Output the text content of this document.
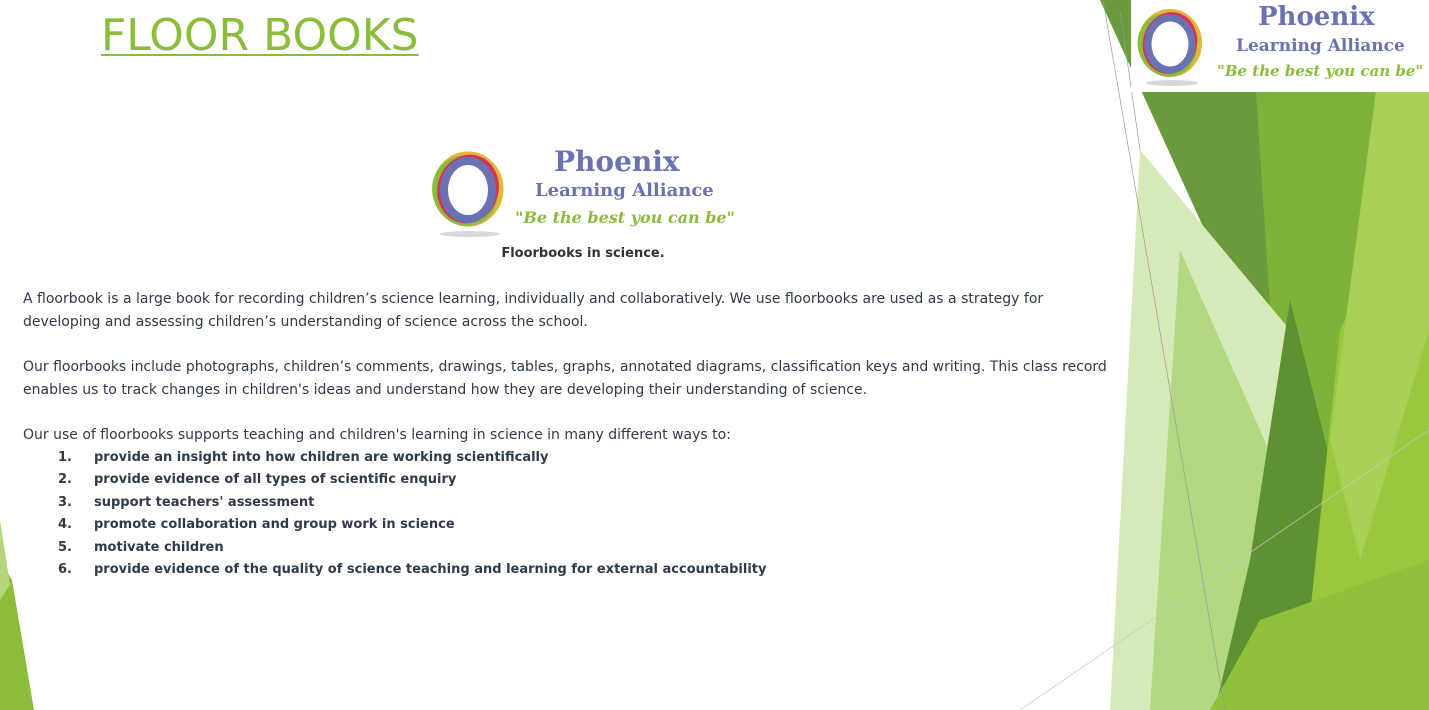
FLOOR BOOKS	Phoenix
Learning Alliance
"Be the best you can be"
Phoenix
Learning Alliance
"Be the best you can be"
Floorbooks in science.

A floorbook is a large book for recording children’s science learning, individually and collaboratively. We use floorbooks are used as a strategy for developing and assessing children’s understanding of science across the school.

Our floorbooks include photographs, children’s comments, drawings, tables, graphs, annotated diagrams, classification keys and writing. This class record enables us to track changes in children's ideas and understand how they are developing their understanding of science.

Our use of floorbooks supports teaching and children's learning in science in many different ways to:

1.	provide an insight into how children are working scientifically
2.	provide evidence of all types of scientific enquiry
3.	support teachers' assessment
4.	promote collaboration and group work in science
5.	motivate children
6.	provide evidence of the quality of science teaching and learning for external accountability
